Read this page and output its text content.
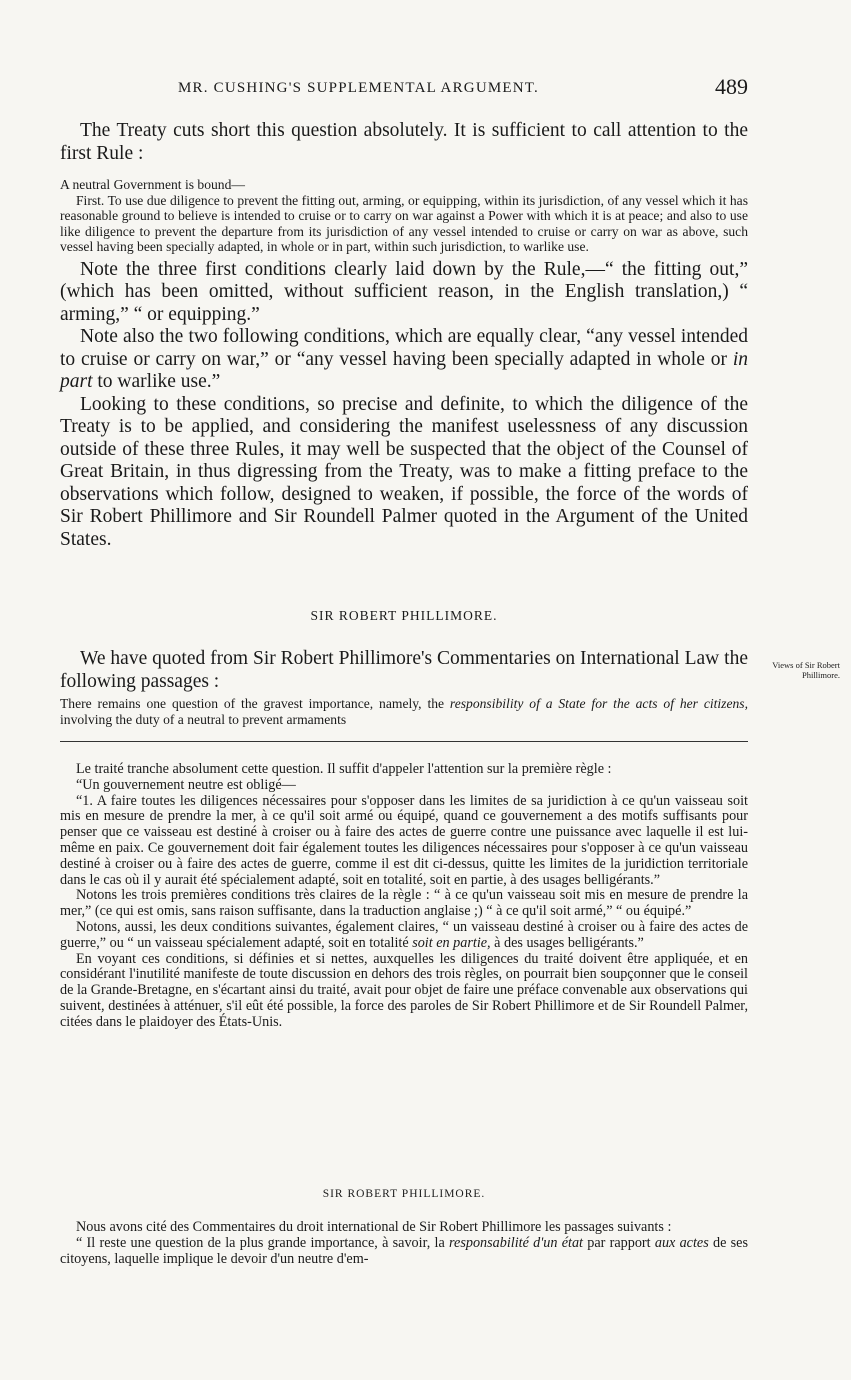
MR. CUSHING'S SUPPLEMENTAL ARGUMENT.	489

The Treaty cuts short this question absolutely. It is sufficient to call attention to the first Rule :

A neutral Government is bound—

First. To use due diligence to prevent the fitting out, arming, or equipping, within its jurisdiction, of any vessel which it has reasonable ground to believe is intended to cruise or to carry on war against a Power with which it is at peace; and also to use like diligence to prevent the departure from its jurisdiction of any vessel intended to cruise or carry on war as above, such vessel having been specially adapted, in whole or in part, within such jurisdiction, to warlike use.

Note the three first conditions clearly laid down by the Rule,—“ the fitting out,” (which has been omitted, without sufficient reason, in the English translation,) “ arming,” “ or equipping.”

Note also the two following conditions, which are equally clear, “any vessel intended to cruise or carry on war,” or “any vessel having been specially adapted in whole or in part to warlike use.”

Looking to these conditions, so precise and definite, to which the diligence of the Treaty is to be applied, and considering the manifest uselessness of any discussion outside of these three Rules, it may well be suspected that the object of the Counsel of Great Britain, in thus digressing from the Treaty, was to make a fitting preface to the observations which follow, designed to weaken, if possible, the force of the words of Sir Robert Phillimore and Sir Roundell Palmer quoted in the Argument of the United States.

SIR ROBERT PHILLIMORE.

We have quoted from Sir Robert Phillimore's Commentaries on International Law the following passages :

There remains one question of the gravest importance, namely, the responsibility of a State for the acts of her citizens, involving the duty of a neutral to prevent armaments

Views of Sir Robert Phillimore.

Le traité tranche absolument cette question. Il suffit d'appeler l'attention sur la première règle :

“Un gouvernement neutre est obligé—

“1. A faire toutes les diligences nécessaires pour s'opposer dans les limites de sa juridiction à ce qu'un vaisseau soit mis en mesure de prendre la mer, à ce qu'il soit armé ou équipé, quand ce gouvernement a des motifs suffisants pour penser que ce vaisseau est destiné à croiser ou à faire des actes de guerre contre une puissance avec laquelle il est lui-même en paix. Ce gouvernement doit fair également toutes les diligences nécessaires pour s'opposer à ce qu'un vaisseau destiné à croiser ou à faire des actes de guerre, comme il est dit ci-dessus, quitte les limites de la juridiction territoriale dans le cas où il y aurait été spécialement adapté, soit en totalité, soit en partie, à des usages belligérants.”

Notons les trois premières conditions très claires de la règle : “ à ce qu'un vaisseau soit mis en mesure de prendre la mer,” (ce qui est omis, sans raison suffisante, dans la traduction anglaise ;) “ à ce qu'il soit armé,” “ ou équipé.”

Notons, aussi, les deux conditions suivantes, également claires, “ un vaisseau destiné à croiser ou à faire des actes de guerre,” ou “ un vaisseau spécialement adapté, soit en totalité soit en partie, à des usages belligérants.”

En voyant ces conditions, si définies et si nettes, auxquelles les diligences du traité doivent être appliquée, et en considérant l'inutilité manifeste de toute discussion en dehors des trois règles, on pourrait bien soupçonner que le conseil de la Grande-Bretagne, en s'écartant ainsi du traité, avait pour objet de faire une préface convenable aux observations qui suivent, destinées à atténuer, s'il eût été possible, la force des paroles de Sir Robert Phillimore et de Sir Roundell Palmer, citées dans le plaidoyer des États-Unis.

SIR ROBERT PHILLIMORE.

Nous avons cité des Commentaires du droit international de Sir Robert Phillimore les passages suivants :

“ Il reste une question de la plus grande importance, à savoir, la responsabilité d'un état par rapport aux actes de ses citoyens, laquelle implique le devoir d'un neutre d'em-
